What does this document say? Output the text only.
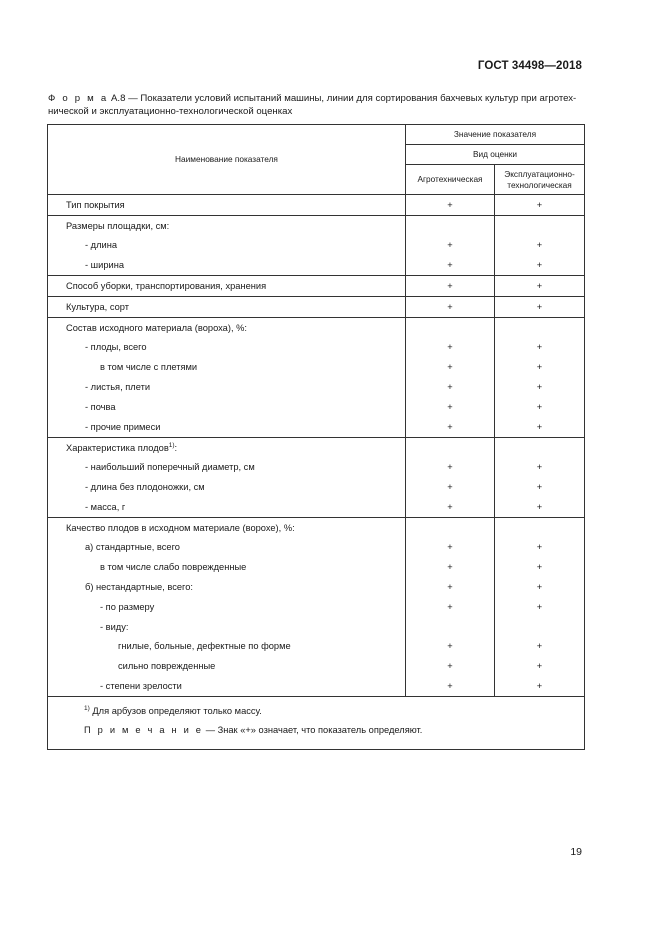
ГОСТ 34498—2018
Ф о р м а А.8 — Показатели условий испытаний машины, линии для сортирования бахчевых культур при агротех-
нической и эксплуатационно-технологической оценках
Наименование показателя	Значение показателя	
	Вид оценки	
	Агротехническая	Эксплуатационно-
технологическая
Тип покрытия	+	+
Размеры площадки, см:		
- длина	+	+
- ширина	+	+
Способ уборки, транспортирования, хранения	+	+
Культура, сорт	+	+
Состав исходного материала (вороха), %:		
- плоды, всего	+	+
в том числе с плетями	+	+
- листья, плети	+	+
- почва	+	+
- прочие примеси	+	+
Характеристика плодов$^{1)}$:		
- наибольший поперечный диаметр, см	+	+
- длина без плодоножки, см	+	+
- масса, г	+	+
Качество плодов в исходном материале (ворохе), %:		
а) стандартные, всего	+	+
в том числе слабо поврежденные	+	+
б) нестандартные, всего:	+	+
- по размеру	+	+
- виду:		
гнилые, больные, дефектные по форме	+	+
сильно поврежденные	+	+
- степени зрелости	+	+

$^{1)}$ Для арбузов определяют только массу.
П р и м е ч а н и е — Знак «+» означает, что показатель определяют.		
19
